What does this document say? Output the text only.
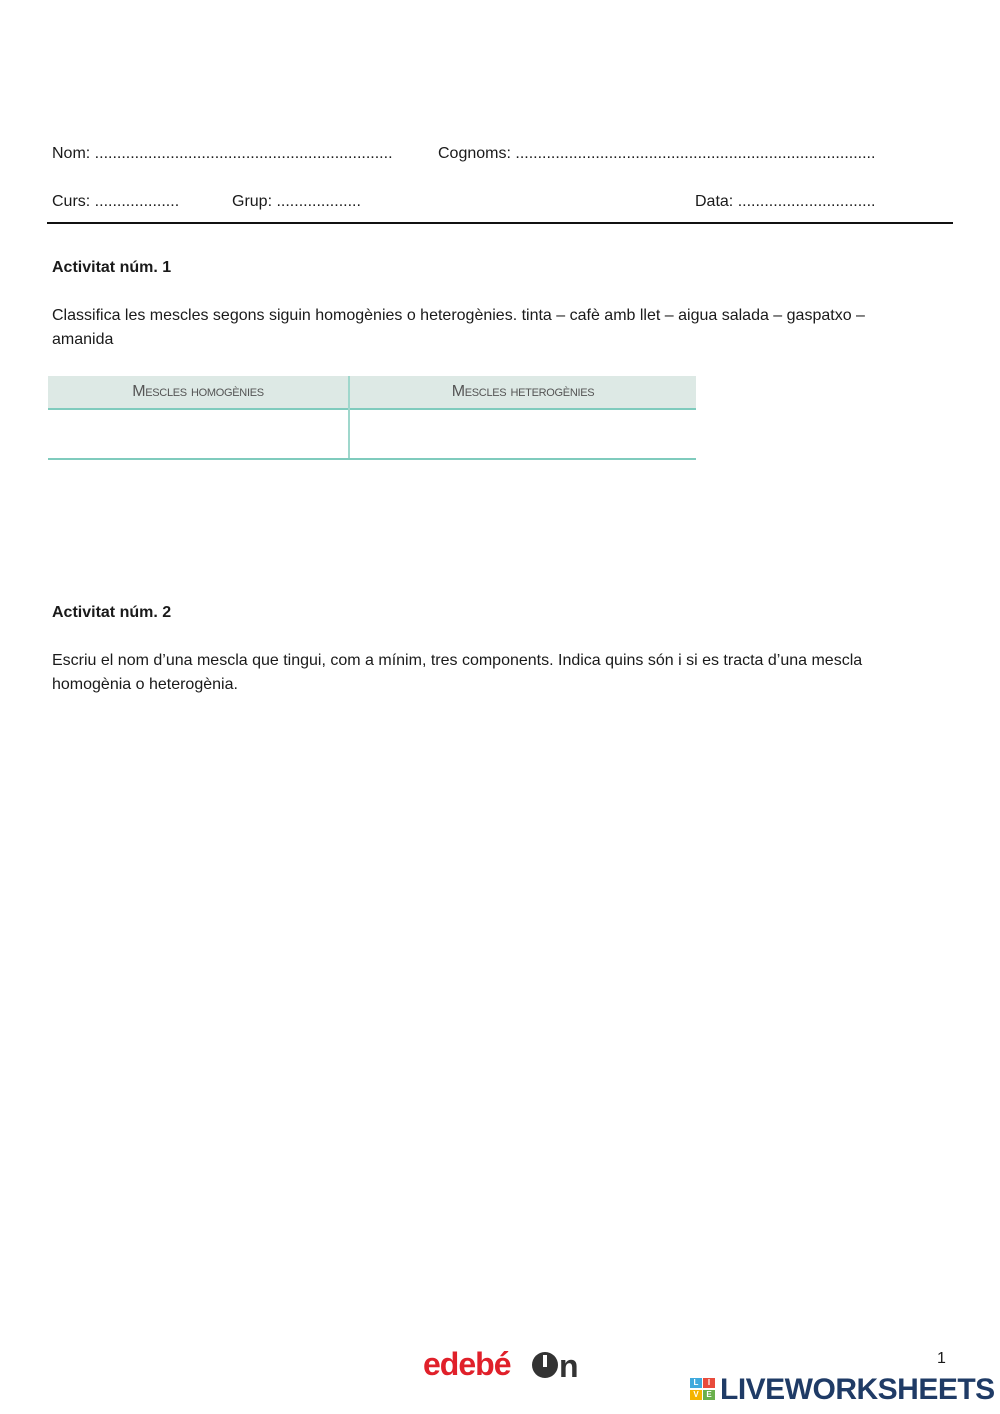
Nom: ...................................................................	Cognoms: .................................................................................
Curs: ...................	Grup: ...................	Data: ...............................
Activitat núm. 1
Classifica les mescles segons siguin homogènies o heterogènies. tinta – cafè amb llet – aigua salada – gaspatxo –
amanida
Mescles homogènies	Mescles heterogènies
Activitat núm. 2
Escriu el nom d’una mescla que tingui, com a mínim, tres components. Indica quins són i si es tracta d’una mescla
homogènia o heterogènia.
edebé n	1
L	I
V E LIVEWORKSHEETS
